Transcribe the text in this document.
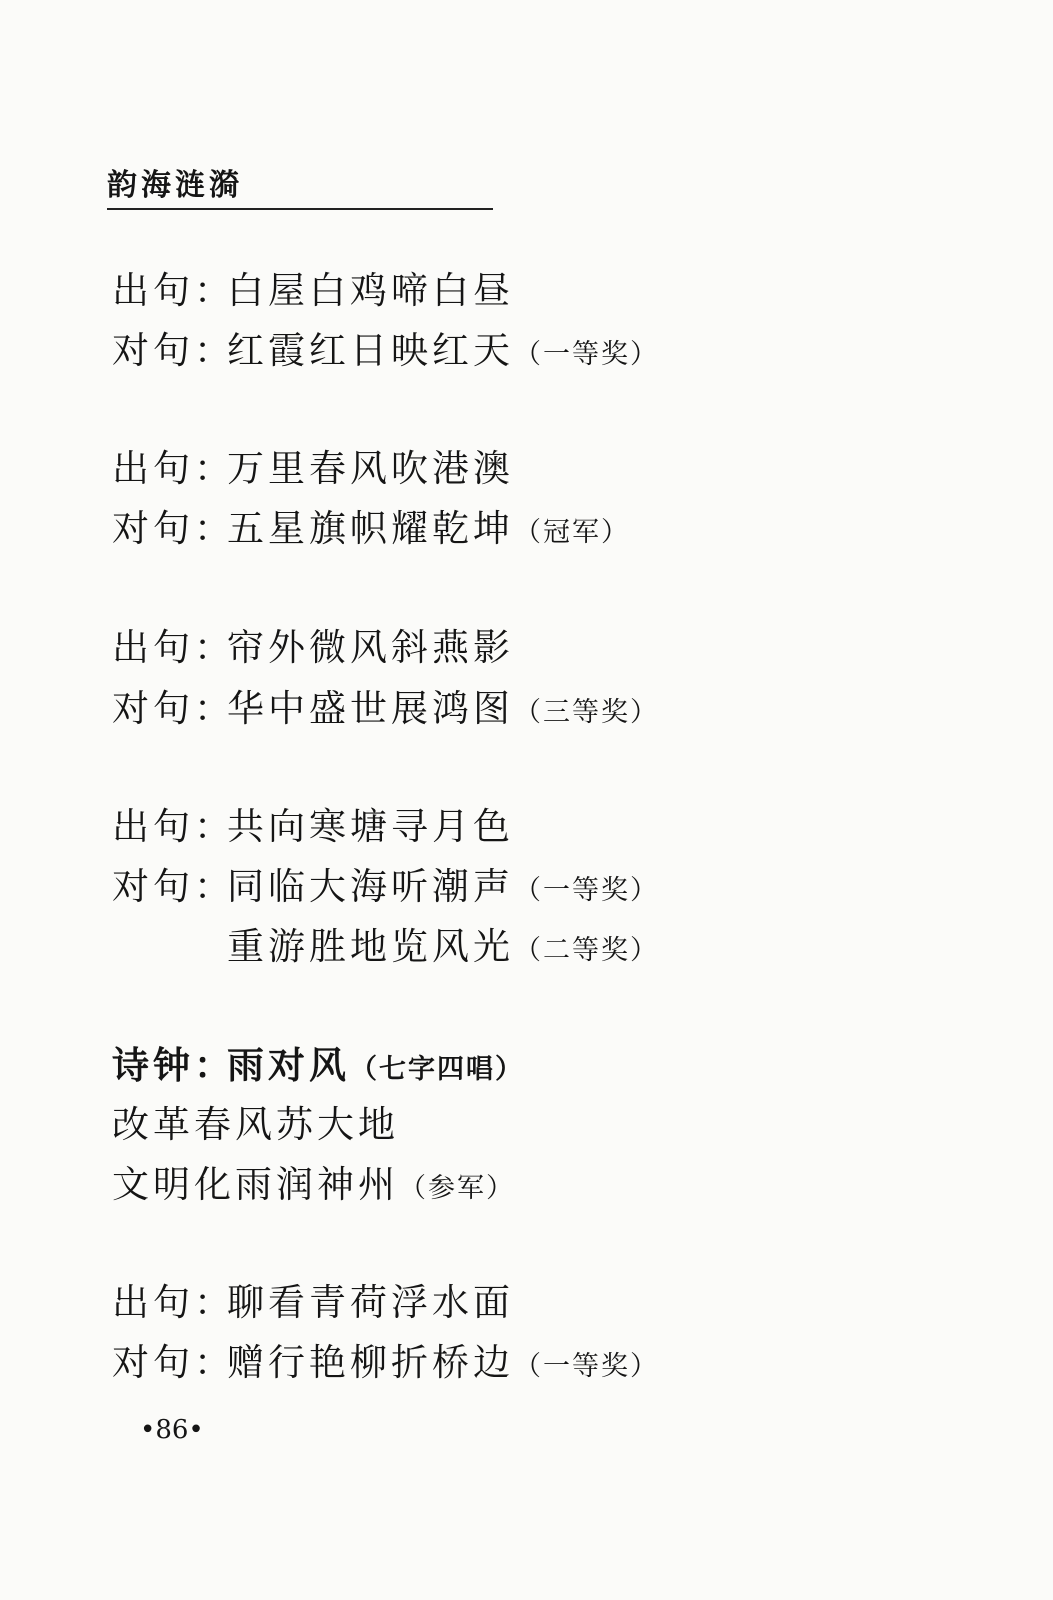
韵海涟漪
出句：白屋白鸡啼白昼
对句：红霞红日映红天（一等奖）
出句：万里春风吹港澳
对句：五星旗帜耀乾坤（冠军）
出句：帘外微风斜燕影
对句：华中盛世展鸿图（三等奖）
出句：共向寒塘寻月色
对句：同临大海听潮声（一等奖）
重游胜地览风光（二等奖）
诗钟：雨对风（七字四唱）
改革春风苏大地
文明化雨润神州（参军）
出句：聊看青荷浮水面
对句：赠行艳柳折桥边（一等奖）
•86•
